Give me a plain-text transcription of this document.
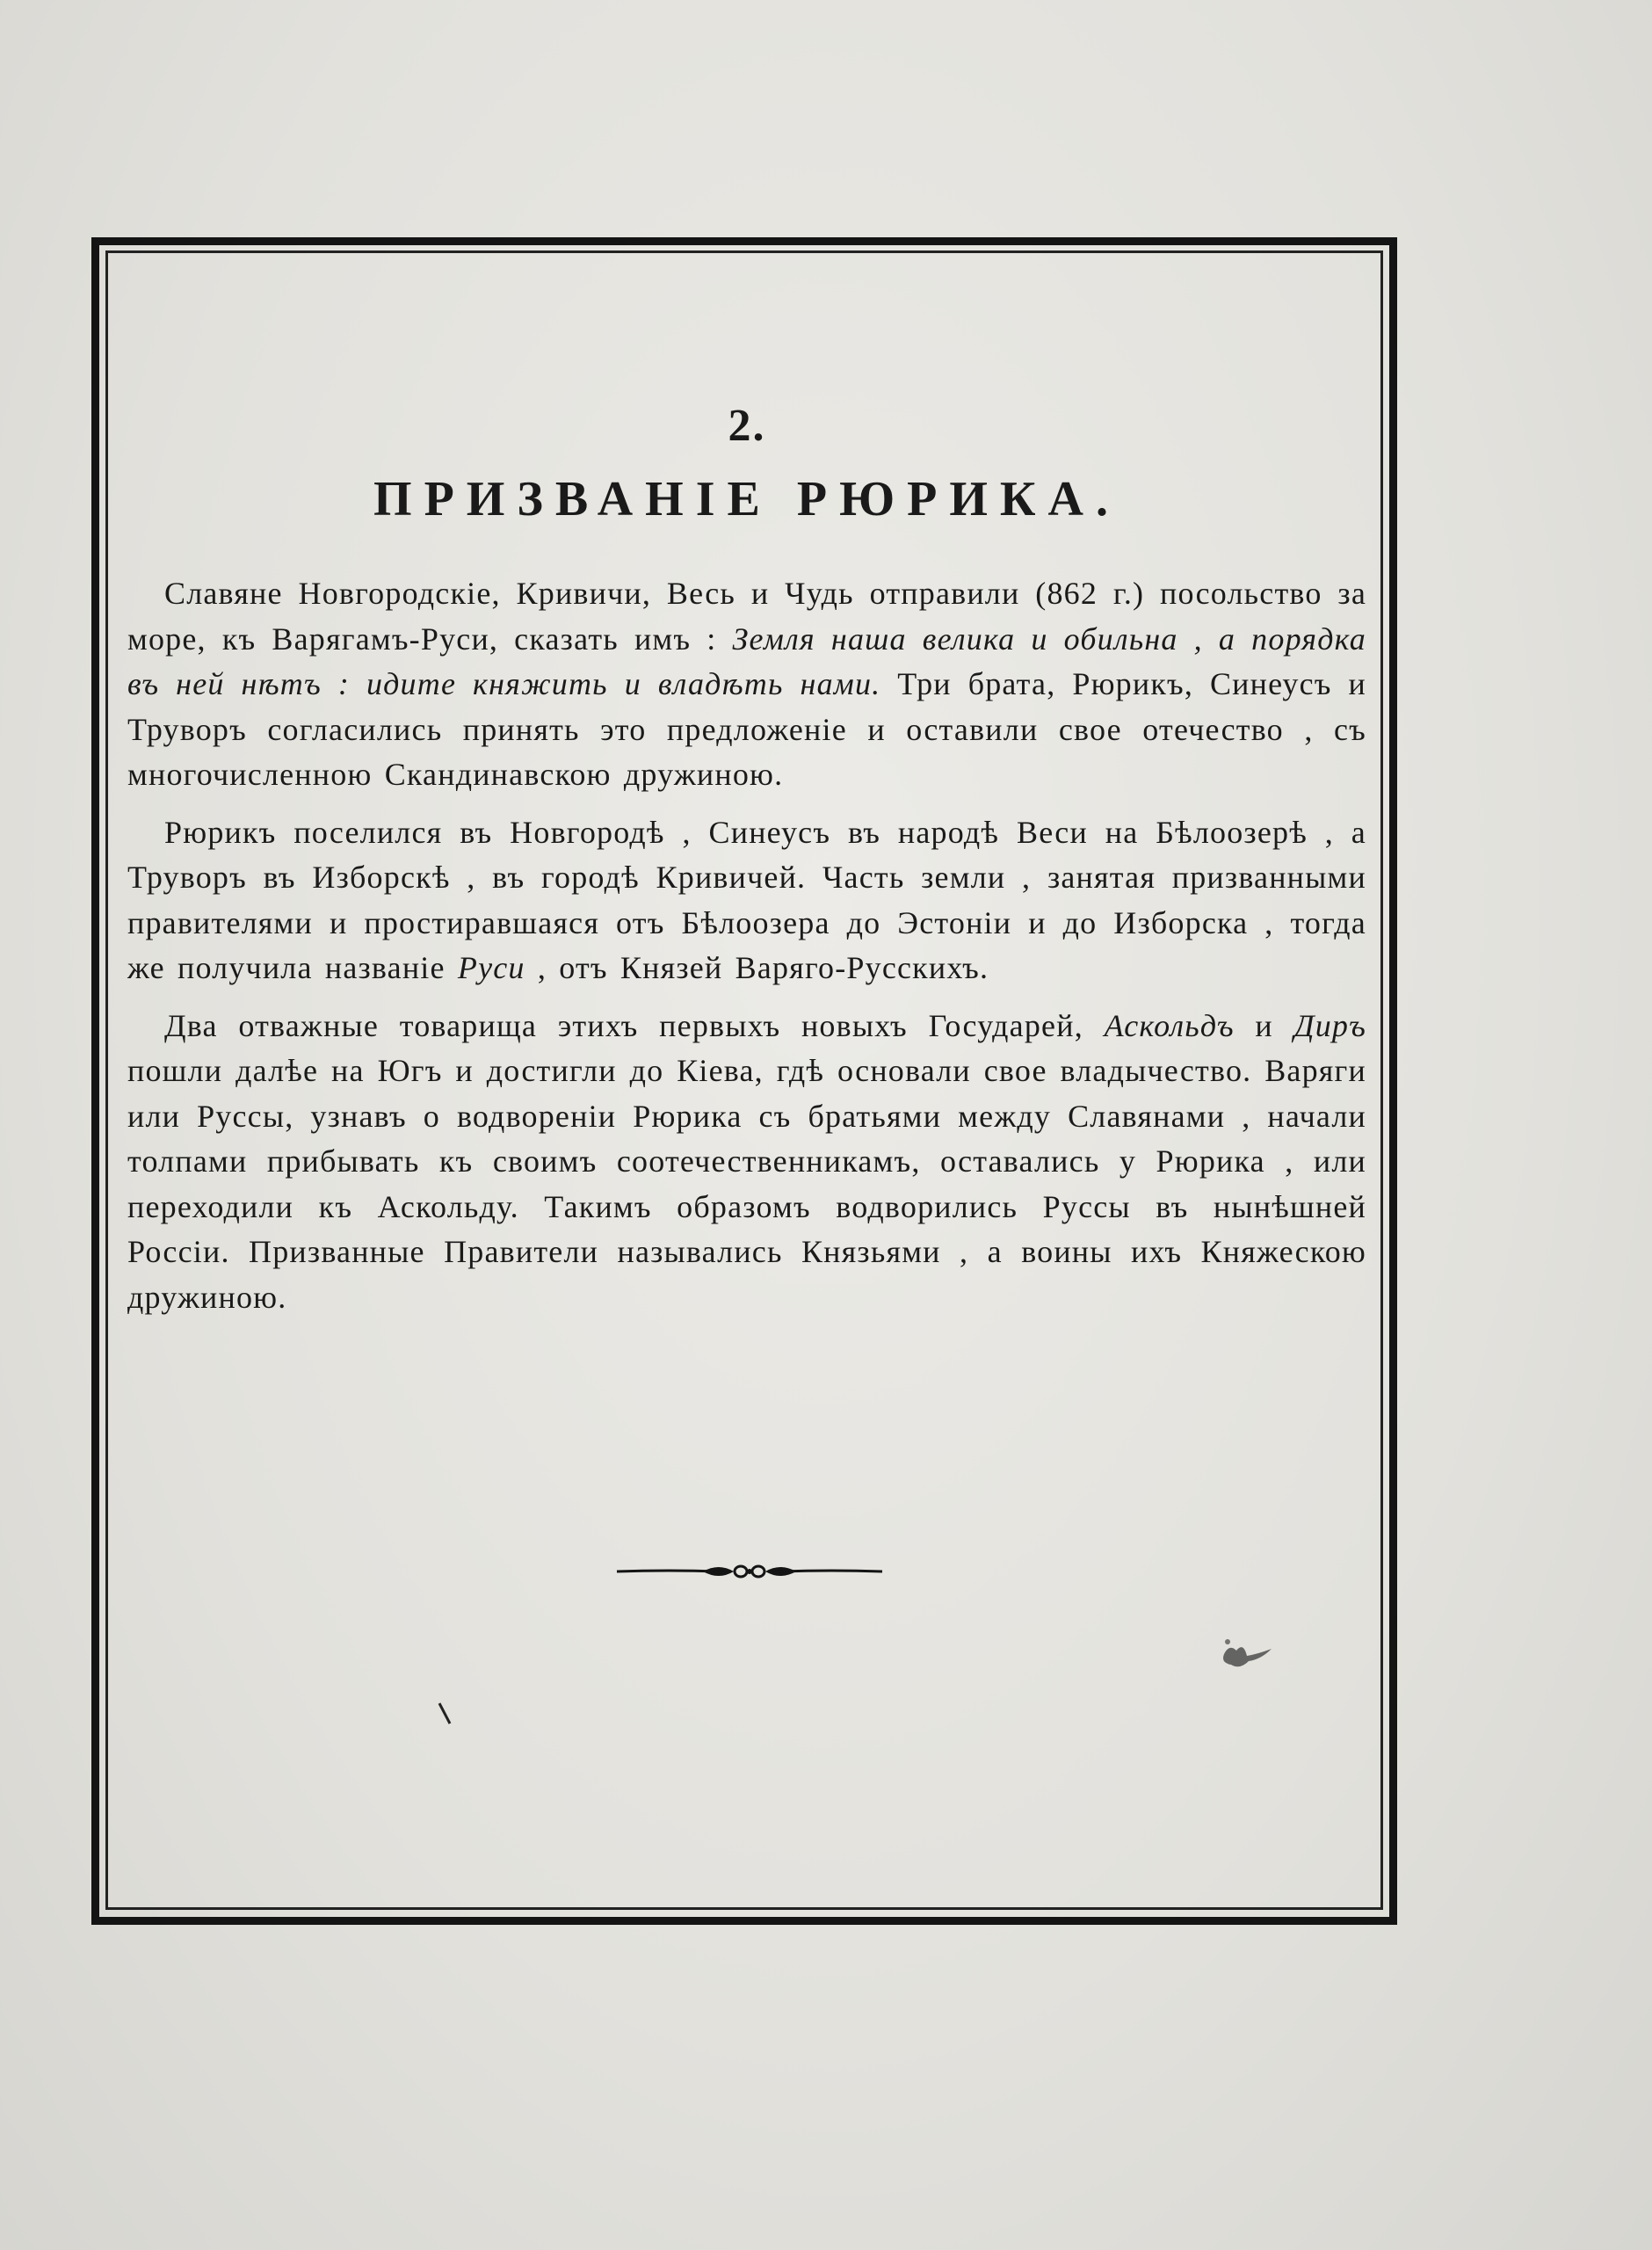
2.
ПРИЗВАНІЕ РЮРИКА.

Славяне Новгородскіе, Кривичи, Весь и Чудь отправили (862 г.) посольство за море, къ Варягамъ-Руси, сказать имъ : Земля наша велика и обильна , а порядка въ ней нѣтъ : идите княжить и владѣть нами. Три брата, Рюрикъ, Синеусъ и Труворъ согласились принять это предложеніе и оставили свое отечество , съ многочисленною Скандинавскою дружиною.

Рюрикъ поселился въ Новгородѣ , Синеусъ въ народѣ Веси на Бѣлоозерѣ , а Труворъ въ Изборскѣ , въ городѣ Кривичей. Часть земли , занятая призванными правителями и простиравшаяся отъ Бѣлоозера до Эстоніи и до Изборска , тогда же получила названіе Руси , отъ Князей Варяго-Русскихъ.

Два отважные товарища этихъ первыхъ новыхъ Государей, Аскольдъ и Диръ пошли далѣе на Югъ и достигли до Кіева, гдѣ основали свое владычество. Варяги или Руссы, узнавъ о водвореніи Рюрика съ братьями между Славянами , начали толпами прибывать къ своимъ соотечественникамъ, оставались у Рюрика , или переходили къ Аскольду. Такимъ образомъ водворились Руссы въ нынѣшней Россіи. Призванные Правители назывались Князьями , а воины ихъ Княжескою дружиною.
